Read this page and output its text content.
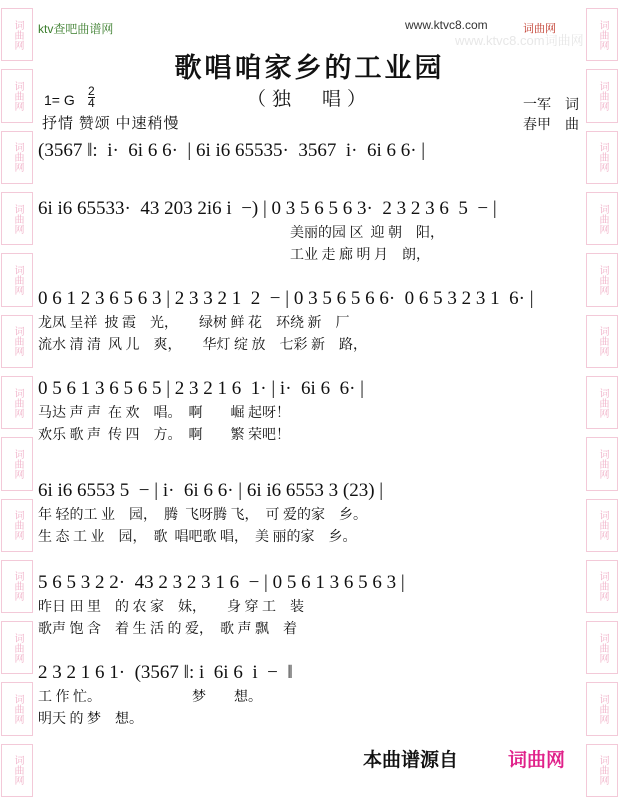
词曲网
词曲网
词曲网
词曲网
词曲网
词曲网
词曲网
词曲网
词曲网
词曲网
词曲网
词曲网
词曲网
词曲网
词曲网
词曲网
词曲网
词曲网
词曲网
词曲网
词曲网
词曲网
词曲网
词曲网
词曲网
词曲网
ktv查吧曲谱网	www.ktvc8.com	词曲网
www.ktvc8.com词曲网
歌唱咱家乡的工业园
（独　唱）
1= G $\frac{2}{4}$
抒情 赞颂 中速稍慢
一军　词
春甲　曲
(3567 ‖:  i·  6i 6 6·  | 6i i6 65535·  3567  i·  6i 6 6· |
6i i6 65533·  43 203 2i6 i  −) | 0 3 5 6 5 6 3·  2 3 2 3 6  5  − |
　　　　　　　　　　　　　　　　　　美丽的园 区  迎 朝　阳，
　　　　　　　　　　　　　　　　　　工业 走 廊 明 月　朗，
0 6 1 2 3 6 5 6 3 | 2 3 3 2 1  2  − | 0 3 5 6 5 6 6·  0 6 5 3 2 3 1  6· |
龙凤 呈祥  披 霞　光，　　绿树 鲜 花　环绕 新　厂
流水 清 清  风 儿　爽，　　华灯 绽 放　七彩 新　路，
0 5 6 1 3 6 5 6 5 | 2 3 2 1 6  1· | i·  6i 6  6· |
马达 声 声  在 欢　唱。　啊　　崛 起呀！
欢乐 歌 声  传 四　方。　啊　　繁 荣吧！
6i i6 6553 5  − | i·  6i 6 6· | 6i i6 6553 3 (23) |
年 轻的工 业　园，　腾  飞呀腾 飞，  可 爱的家　乡。
生 态 工 业　园，　歌  唱吧歌 唱，  美 丽的家　乡。
5 6 5 3 2 2·  43 2 3 2 3 1 6  − | 0 5 6 1 3 6 5 6 3 |
昨日 田 里　的 农 家　妹，　　身 穿 工　装
歌声 饱 含　着 生 活 的 爱，　歌 声 飘　着
2 3 2 1 6 1·  (3567 ‖: i  6i 6  i  −  ‖
工 作 忙。　　　　　　　梦　　想。
明天 的 梦　想。
本曲谱源自	词曲网
